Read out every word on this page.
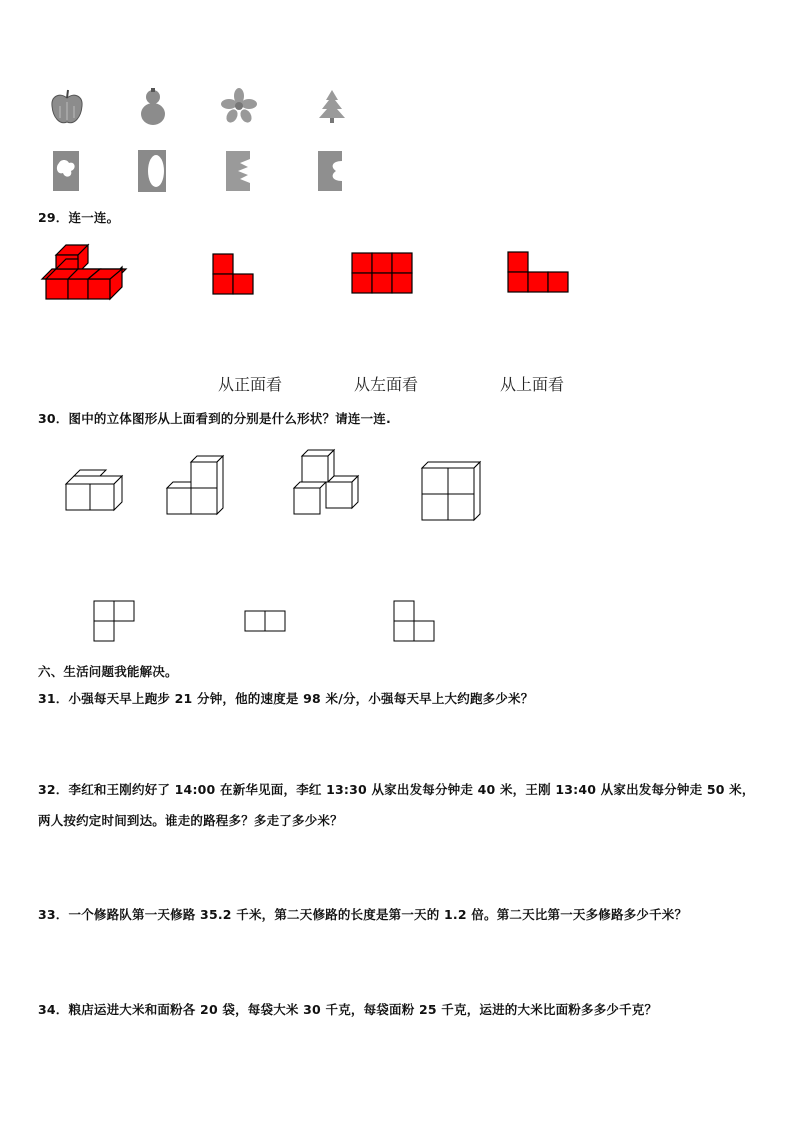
29．连一连。
从正面看	从左面看	从上面看
30．图中的立体图形从上面看到的分别是什么形状？请连一连.
六、生活问题我能解决。
31．小强每天早上跑步 21 分钟，他的速度是 98 米/分，小强每天早上大约跑多少米？
32．李红和王刚约好了 14:00 在新华见面，李红 13:30 从家出发每分钟走 40 米，王刚 13:40 从家出发每分钟走 50 米，
两人按约定时间到达。谁走的路程多？多走了多少米？
33．一个修路队第一天修路 35.2 千米，第二天修路的长度是第一天的 1.2 倍。第二天比第一天多修路多少千米？
34．粮店运进大米和面粉各 20 袋，每袋大米 30 千克，每袋面粉 25 千克，运进的大米比面粉多多少千克？
